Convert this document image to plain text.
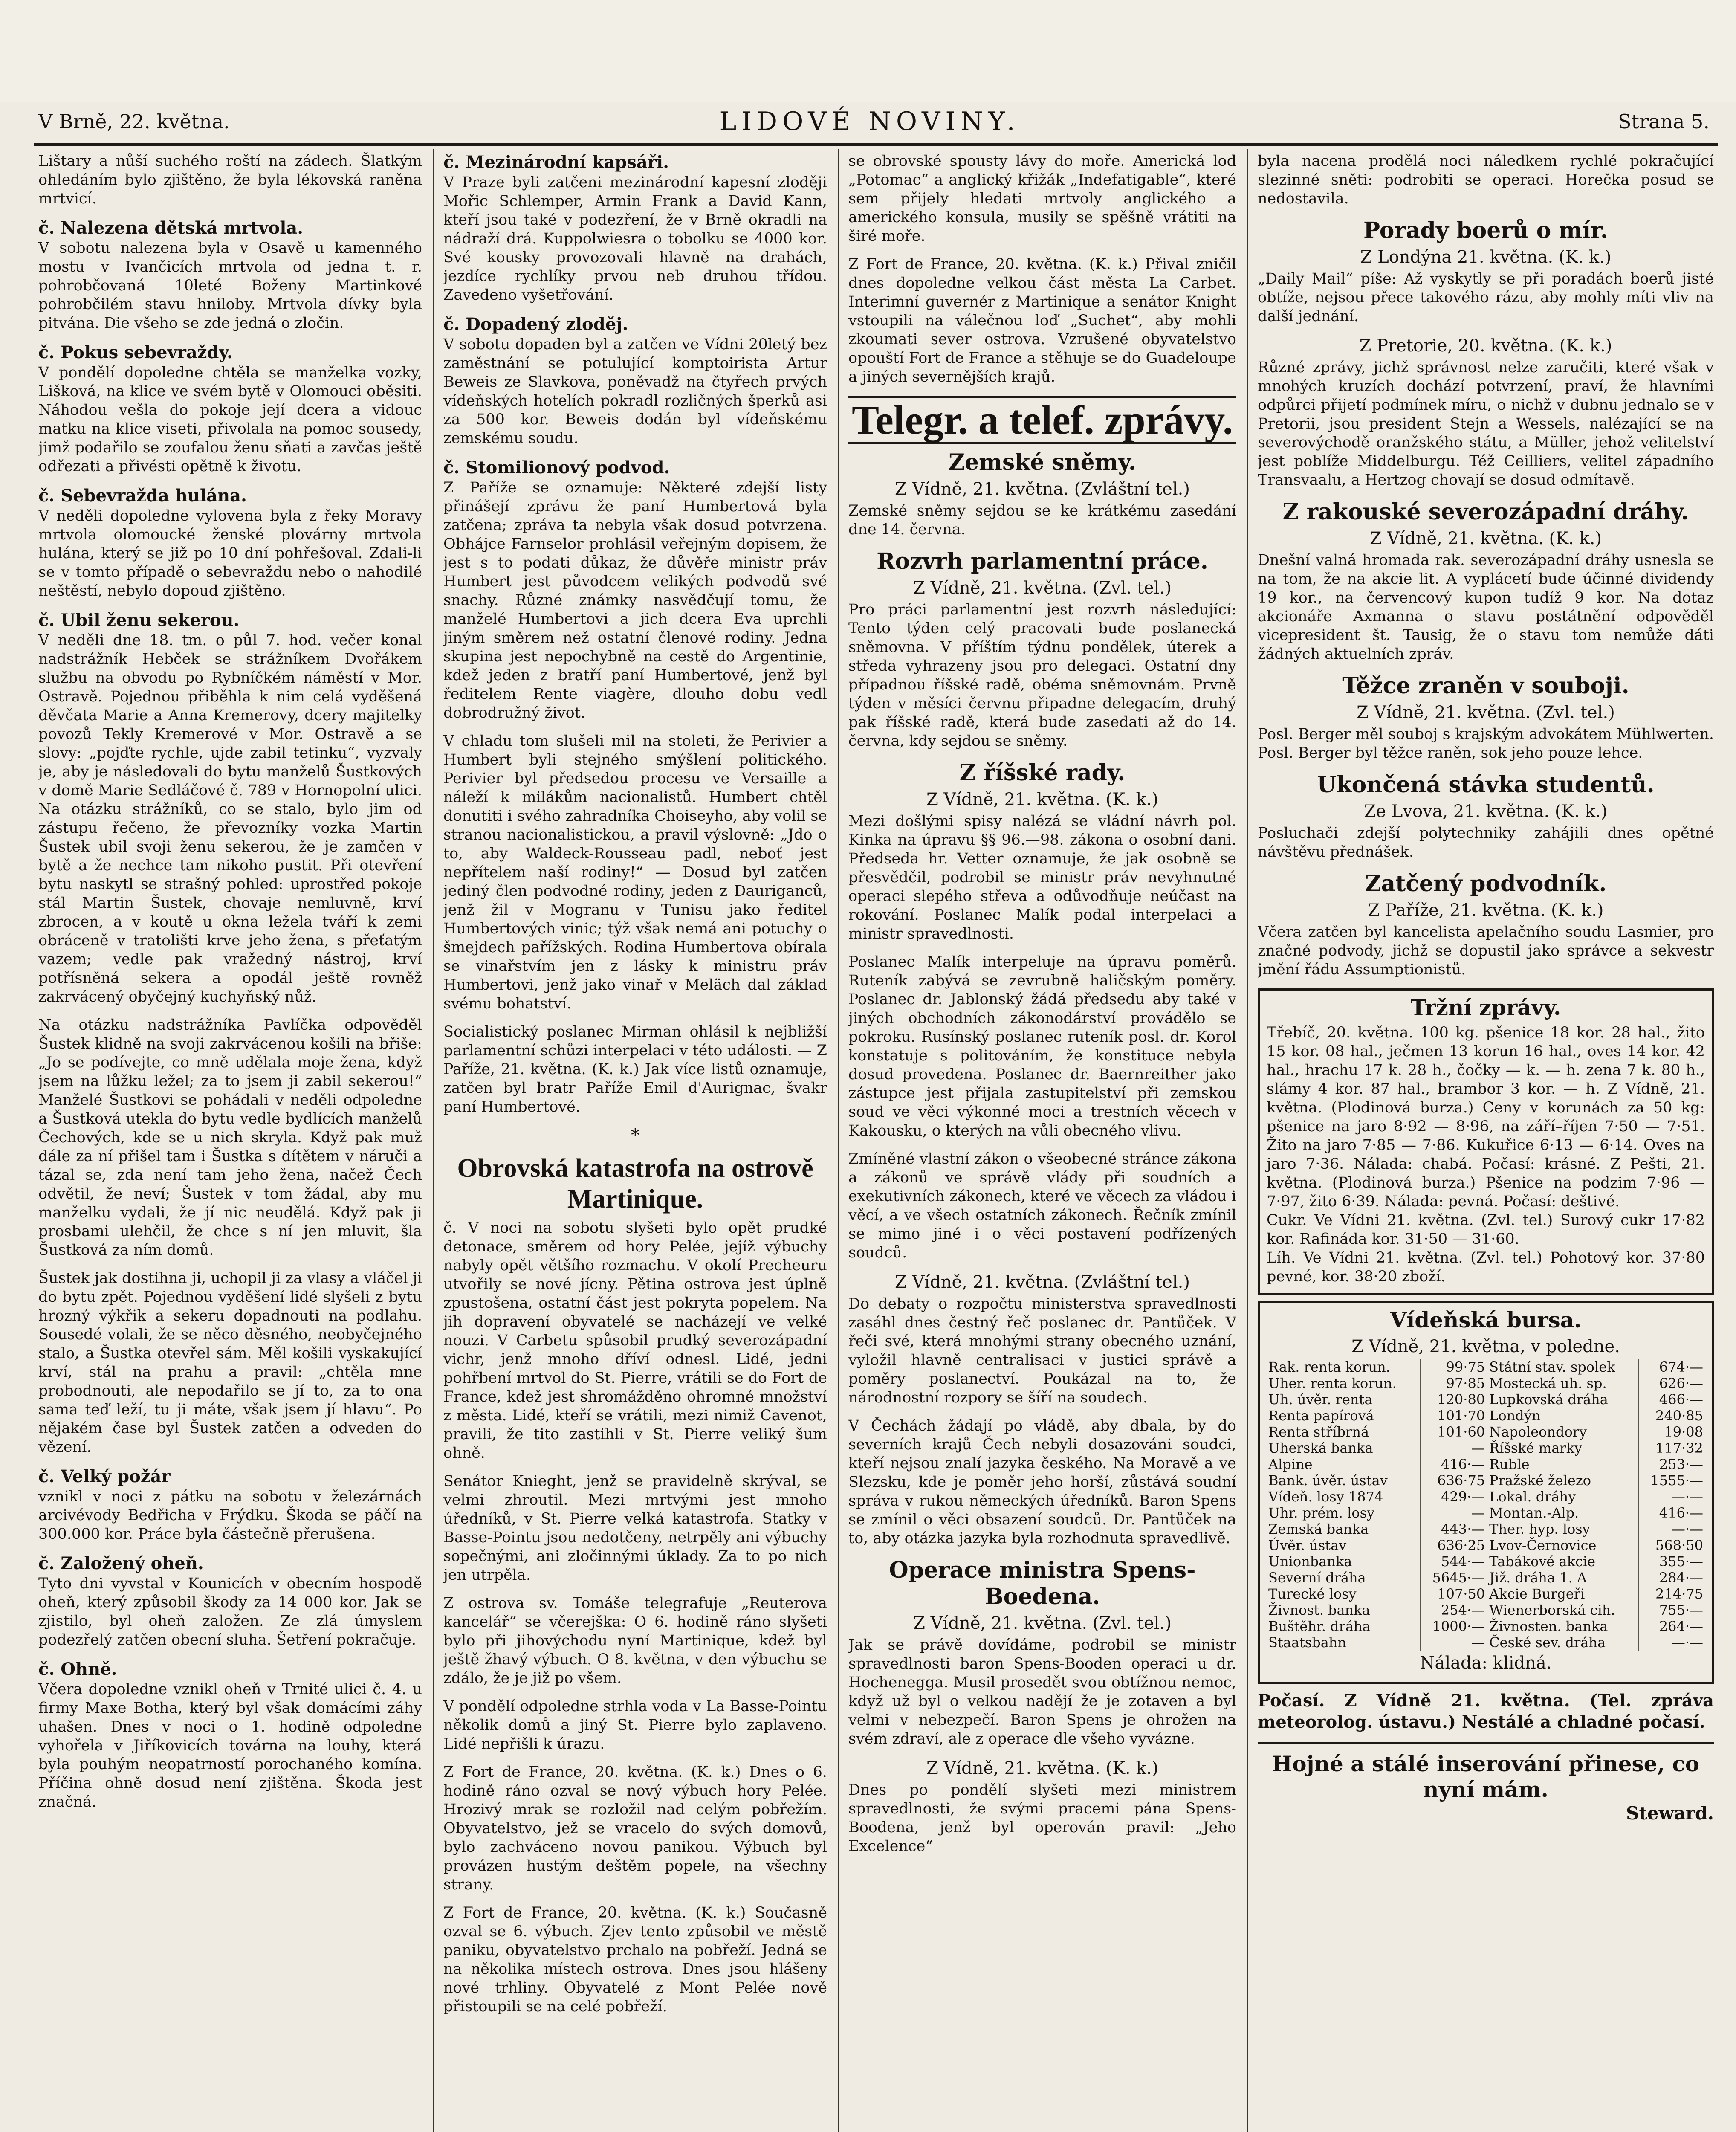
V Brně, 22. května.	LIDOVÉ NOVINY.	Strana 5.
Lištary a nůší suchého roští na zádech. Šlatkým ohledáním bylo zjištěno, že byla lékovská raněna mrtvicí.
č. Nalezena dětská mrtvola.
V sobotu nalezena byla v Osavě u kamenného mostu v Ivančicích mrtvola od jedna t. r. pohrobčovaná 10leté Boženy Martinkové pohrobčilém stavu hniloby. Mrtvola dívky byla pitvána. Die všeho se zde jedná o zločin.
č. Pokus sebevraždy.
V pondělí dopoledne chtěla se manželka vozky, Lišková, na klice ve svém bytě v Olomouci oběsiti. Náhodou vešla do pokoje její dcera a vidouc matku na klice viseti, přivolala na pomoc sousedy, jimž podařilo se zoufalou ženu sňati a zavčas ještě odřezati a přivésti opětně k životu.
č. Sebevražda hulána.
V neděli dopoledne vylovena byla z řeky Moravy mrtvola olomoucké ženské plovárny mrtvola hulána, který se již po 10 dní pohřešoval. Zdali-li se v tomto případě o sebevraždu nebo o nahodilé neštěstí, nebylo dopoud zjištěno.
č. Ubil ženu sekerou.
V neděli dne 18. tm. o půl 7. hod. večer konal nadstrážník Hebček se strážníkem Dvořákem službu na obvodu po Rybníčkém náměstí v Mor. Ostravě. Pojednou přiběhla k nim celá vyděšená děvčata Marie a Anna Kremerovy, dcery majitelky povozů Tekly Kremerové v Mor. Ostravě a se slovy: „pojďte rychle, ujde zabil tetinku“, vyzvaly je, aby je následovali do bytu manželů Šustkových v domě Marie Sedláčové č. 789 v Hornopolní ulici. Na otázku strážníků, co se stalo, bylo jim od zástupu řečeno, že převozníky vozka Martin Šustek ubil svoji ženu sekerou, že je zamčen v bytě a že nechce tam nikoho pustit. Při otevření bytu naskytl se strašný pohled: uprostřed pokoje stál Martin Šustek, chovaje nemluvně, krví zbrocen, a v koutě u okna ležela tváří k zemi obráceně v tratolišti krve jeho žena, s přeťatým vazem; vedle pak vražedný nástroj, krví potřísněná sekera a opodál ještě rovněž zakrvácený obyčejný kuchyňský nůž.
Na otázku nadstrážníka Pavlíčka odpověděl Šustek klidně na svoji zakrvácenou košili na břiše: „Jo se podívejte, co mně udělala moje žena, když jsem na lůžku ležel; za to jsem ji zabil sekerou!“ Manželé Šustkovi se pohádali v neděli odpoledne a Šustková utekla do bytu vedle bydlících manželů Čechových, kde se u nich skryla. Když pak muž dále za ní přišel tam i Šustka s dítětem v náruči a tázal se, zda není tam jeho žena, načež Čech odvětil, že neví; Šustek v tom žádal, aby mu manželku vydali, že jí nic neudělá. Když pak ji prosbami ulehčil, že chce s ní jen mluvit, šla Šustková za ním domů.
Šustek jak dostihna ji, uchopil ji za vlasy a vláčel ji do bytu zpět. Pojednou vyděšení lidé slyšeli z bytu hrozný výkřik a sekeru dopadnouti na podlahu. Sousedé volali, že se něco děsného, neobyčejného stalo, a Šustka otevřel sám. Měl košili vyskakující krví, stál na prahu a pravil: „chtěla mne probodnouti, ale nepodařilo se jí to, za to ona sama teď leží, tu ji máte, však jsem jí hlavu“. Po nějakém čase byl Šustek zatčen a odveden do vězení.
č. Velký požár
vznikl v noci z pátku na sobotu v železárnách arcivévody Bedřicha v Frýdku. Škoda se páčí na 300.000 kor. Práce byla částečně přerušena.
č. Založený oheň.
Tyto dni vyvstal v Kounicích v obecním hospodě oheň, který způsobil škody za 14 000 kor. Jak se zjistilo, byl oheň založen. Ze zlá úmyslem podezřelý zatčen obecní sluha. Šetření pokračuje.
č. Ohně.
Včera dopoledne vznikl oheň v Trnité ulici č. 4. u firmy Maxe Botha, který byl však domácími záhy uhašen. Dnes v noci o 1. hodině odpoledne vyhořela v Jiříkovicích továrna na louhy, která byla pouhým neopatrností porochaného komína. Příčina ohně dosud není zjištěna. Škoda jest značná.
č. Mezinárodní kapsáři.
V Praze byli zatčeni mezinárodní kapesní zloději Mořic Schlemper, Armin Frank a David Kann, kteří jsou také v podezření, že v Brně okradli na nádraží drá. Kuppolwiesra o tobolku se 4000 kor. Své kousky provozovali hlavně na drahách, jezdíce rychlíky prvou neb druhou třídou. Zavedeno vyšetřování.
č. Dopadený zloděj.
V sobotu dopaden byl a zatčen ve Vídni 20letý bez zaměstnání se potulující komptoirista Artur Beweis ze Slavkova, poněvadž na čtyřech prvých vídeňských hotelích pokradl rozličných šperků asi za 500 kor. Beweis dodán byl vídeňskému zemskému soudu.
č. Stomilionový podvod.
Z Paříže se oznamuje: Některé zdejší listy přinášejí zprávu že paní Humbertová byla zatčena; zpráva ta nebyla však dosud potvrzena. Obhájce Farnselor prohlásil veřejným dopisem, že jest s to podati důkaz, že důvěře ministr práv Humbert jest původcem velikých podvodů své snachy. Různé známky nasvědčují tomu, že manželé Humbertovi a jich dcera Eva uprchli jiným směrem než ostatní členové rodiny. Jedna skupina jest nepochybně na cestě do Argentinie, kdež jeden z bratří paní Humbertové, jenž byl ředitelem Rente viagère, dlouho dobu vedl dobrodružný život.
V chladu tom slušeli mil na stoleti, že Perivier a Humbert byli stejného smýšlení politického. Perivier byl předsedou procesu ve Versaille a náleží k milákům nacionalistů. Humbert chtěl donutiti i svého zahradníka Choiseyho, aby volil se stranou nacionalistickou, a pravil výslovně: „Jdo o to, aby Waldeck-Rousseau padl, neboť jest nepřítelem naší rodiny!“ — Dosud byl zatčen jediný člen podvodné rodiny, jeden z Dauriganců, jenž žil v Mogranu v Tunisu jako ředitel Humbertových vinic; týž však nemá ani potuchy o šmejdech pařížských. Rodina Humbertova obírala se vinařstvím jen z lásky k ministru práv Humbertovi, jenž jako vinař v Meläch dal základ svému bohatství.
Socialistický poslanec Mirman ohlásil k nejbližší parlamentní schůzi interpelaci v této události. — Z Paříže, 21. května. (K. k.) Jak více listů oznamuje, zatčen byl bratr Paříže Emil d'Aurignac, švakr paní Humbertové.
*
Obrovská katastrofa na ostrově Martinique.
č. V noci na sobotu slyšeti bylo opět prudké detonace, směrem od hory Pelée, jejíž výbuchy nabyly opět většího rozmachu. V okolí Precheuru utvořily se nové jícny. Pětina ostrova jest úplně zpustošena, ostatní část jest pokryta popelem. Na jih dopravení obyvatelé se nacházejí ve velké nouzi. V Carbetu spůsobil prudký severozápadní vichr, jenž mnoho dříví odnesl. Lidé, jedni pohřbení mrtvol do St. Pierre, vrátili se do Fort de France, kdež jest shromážděno ohromné množství z města. Lidé, kteří se vrátili, mezi nimiž Cavenot, pravili, že tito zastihli v St. Pierre veliký šum ohně.
Senátor Knieght, jenž se pravidelně skrýval, se velmi zhroutil. Mezi mrtvými jest mnoho úředníků, v St. Pierre velká katastrofa. Statky v Basse-Pointu jsou nedotčeny, netrpěly ani výbuchy sopečnými, ani zločinnými úklady. Za to po nich jen utrpěla.
Z ostrova sv. Tomáše telegrafuje „Reuterova kancelář“ se včerejška: O 6. hodině ráno slyšeti bylo při jihovýchodu nyní Martinique, kdež byl ještě žhavý výbuch. O 8. května, v den výbuchu se zdálo, že je již po všem.
V pondělí odpoledne strhla voda v La Basse-Pointu několik domů a jiný St. Pierre bylo zaplaveno. Lidé nepřišli k úrazu.
Z Fort de France, 20. května. (K. k.) Dnes o 6. hodině ráno ozval se nový výbuch hory Pelée. Hrozivý mrak se rozložil nad celým pobřežím. Obyvatelstvo, jež se vracelo do svých domovů, bylo zachváceno novou panikou. Výbuch byl provázen hustým deštěm popele, na všechny strany.
Z Fort de France, 20. května. (K. k.) Současně ozval se 6. výbuch. Zjev tento způsobil ve městě paniku, obyvatelstvo prchalo na pobřeží. Jedná se na několika místech ostrova. Dnes jsou hlášeny nové trhliny. Obyvatelé z Mont Pelée nově přistoupili se na celé pobřeží.
se obrovské spousty lávy do moře. Americká loď „Potomac“ a anglický křižák „Indefatigable“, které sem přijely hledati mrtvoly anglického a amerického konsula, musily se spěšně vrátiti na širé moře.
Z Fort de France, 20. května. (K. k.) Přival zničil dnes dopoledne velkou část města La Carbet. Interimní guvernér z Martinique a senátor Knight vstoupili na válečnou loď „Suchet“, aby mohli zkoumati sever ostrova. Vzrušené obyvatelstvo opouští Fort de France a stěhuje se do Guadeloupe a jiných severnějších krajů.
Telegr. a telef. zprávy.
Zemské sněmy.
Z Vídně, 21. května. (Zvláštní tel.)
Zemské sněmy sejdou se ke krátkému zasedání dne 14. června.
Rozvrh parlamentní práce.
Z Vídně, 21. května. (Zvl. tel.)
Pro práci parlamentní jest rozvrh následující: Tento týden celý pracovati bude poslanecká sněmovna. V příštím týdnu pondělek, úterek a středa vyhrazeny jsou pro delegaci. Ostatní dny případnou říšské radě, obéma sněmovnám. Prvně týden v měsíci červnu připadne delegacím, druhý pak říšské radě, která bude zasedati až do 14. června, kdy sejdou se sněmy.
Z říšské rady.
Z Vídně, 21. května. (K. k.)
Mezi došlými spisy nalézá se vládní návrh pol. Kinka na úpravu §§ 96.—98. zákona o osobní dani. Předseda hr. Vetter oznamuje, že jak osobně se přesvědčil, podrobil se ministr práv nevyhnutné operaci slepého střeva a odůvodňuje neúčast na rokování. Poslanec Malík podal interpelaci a ministr spravedlnosti.
Poslanec Malík interpeluje na úpravu poměrů. Ruteník zabývá se zevrubně haličským poměry. Poslanec dr. Jablonský žádá předsedu aby také v jiných obchodních zákonodárství provádělo se pokroku. Rusínský poslanec ruteník posl. dr. Korol konstatuje s politováním, že konstituce nebyla dosud provedena. Poslanec dr. Baernreither jako zástupce jest přijala zastupitelství při zemskou soud ve věci výkonné moci a trestních věcech v Kakousku, o kterých na vůli obecného vlivu.
Zmíněné vlastní zákon o všeobecné stránce zákona a zákonů ve správě vlády při soudních a exekutivních zákonech, které ve věcech za vládou i věcí, a ve všech ostatních zákonech. Řečník zmínil se mimo jiné i o věci postavení podřízených soudců.
Z Vídně, 21. května. (Zvláštní tel.)
Do debaty o rozpočtu ministerstva spravedlnosti zasáhl dnes čestný řeč poslanec dr. Pantůček. V řeči své, která mnohými strany obecného uznání, vyložil hlavně centralisaci v justici správě a poměry poslanectví. Poukázal na to, že národnostní rozpory se šíří na soudech.
V Čechách žádají po vládě, aby dbala, by do severních krajů Čech nebyli dosazováni soudci, kteří nejsou znalí jazyka českého. Na Moravě a ve Slezsku, kde je poměr jeho horší, zůstává soudní správa v rukou německých úředníků. Baron Spens se zmínil o věci obsazení soudců. Dr. Pantůček na to, aby otázka jazyka byla rozhodnuta spravedlivě.
Operace ministra Spens-Boedena.
Z Vídně, 21. května. (Zvl. tel.)
Jak se právě dovídáme, podrobil se ministr spravedlnosti baron Spens-Booden operaci u dr. Hochenegga. Musil prosedět svou obtížnou nemoc, když už byl o velkou nadějí že je zotaven a byl velmi v nebezpečí. Baron Spens je ohrožen na svém zdraví, ale z operace dle všeho vyvázne.
Z Vídně, 21. května. (K. k.)
Dnes po pondělí slyšeti mezi ministrem spravedlnosti, že svými pracemi pána Spens-Boodena, jenž byl operován pravil: „Jeho Excelence“
byla nacena prodělá noci náledkem rychlé pokračující slezinné sněti: podrobiti se operaci. Horečka posud se nedostavila.
Porady boerů o mír.
Z Londýna 21. května. (K. k.)
„Daily Mail“ píše: Až vyskytly se při poradách boerů jisté obtíže, nejsou přece takového rázu, aby mohly míti vliv na další jednání.
Z Pretorie, 20. května. (K. k.)
Různé zprávy, jichž správnost nelze zaručiti, které však v mnohých kruzích dochází potvrzení, praví, že hlavními odpůrci přijetí podmínek míru, o nichž v dubnu jednalo se v Pretorii, jsou president Stejn a Wessels, nalézající se na severovýchodě oranžského státu, a Müller, jehož velitelství jest poblíže Middelburgu. Též Ceilliers, velitel západního Transvaalu, a Hertzog chovají se dosud odmítavě.
Z rakouské severozápadní dráhy.
Z Vídně, 21. května. (K. k.)
Dnešní valná hromada rak. severozápadní dráhy usnesla se na tom, že na akcie lit. A vyplácetí bude účinné dividendy 19 kor., na červencový kupon tudíž 9 kor. Na dotaz akcionáře Axmanna o stavu postátnění odpověděl vicepresident št. Tausig, že o stavu tom nemůže dáti žádných aktuelních zpráv.
Těžce zraněn v souboji.
Z Vídně, 21. května. (Zvl. tel.)
Posl. Berger měl souboj s krajským advokátem Mühlwerten. Posl. Berger byl těžce raněn, sok jeho pouze lehce.
Ukončená stávka studentů.
Ze Lvova, 21. května. (K. k.)
Posluchači zdejší polytechniky zahájili dnes opětné návštěvu přednášek.
Zatčený podvodník.
Z Paříže, 21. května. (K. k.)
Včera zatčen byl kancelista apelačního soudu Lasmier, pro značné podvody, jichž se dopustil jako správce a sekvestr jmění řádu Assumptionistů.
Tržní zprávy.
Třebíč, 20. května. 100 kg. pšenice 18 kor. 28 hal., žito 15 kor. 08 hal., ječmen 13 korun 16 hal., oves 14 kor. 42 hal., hrachu 17 k. 28 h., čočky — k. — h. zena 7 k. 80 h., slámy 4 kor. 87 hal., brambor 3 kor. — h. Z Vídně, 21. května. (Plodinová burza.) Ceny v korunách za 50 kg: pšenice na jaro 8·92 — 8·96, na září–říjen 7·50 — 7·51. Žito na jaro 7·85 — 7·86. Kukuřice 6·13 — 6·14. Oves na jaro 7·36. Nálada: chabá. Počasí: krásné. Z Pešti, 21. května. (Plodinová burza.) Pšenice na podzim 7·96 — 7·97, žito 6·39. Nálada: pevná. Počasí: deštivé.
Cukr. Ve Vídni 21. května. (Zvl. tel.) Surový cukr 17·82 kor. Rafináda kor. 31·50 — 31·60.
Líh. Ve Vídni 21. května. (Zvl. tel.) Pohotový kor. 37·80 pevné, kor. 38·20 zboží.
Vídeňská bursa.
Z Vídně, 21. května, v poledne.
Rak. renta korun.	99·75	Státní stav. spolek	674·—
Uher. renta korun.	97·85	Mostecká uh. sp.	626·—
Uh. úvěr. renta	120·80	Lupkovská dráha	466·—
Renta papírová	101·70	Londýn	240·85
Renta stříbrná	101·60	Napoleondory	19·08
Uherská banka	—	Říšské marky	117·32
Alpine	416·—	Ruble	253·—
Bank. úvěr. ústav	636·75	Pražské železo	1555·—
Vídeň. losy 1874	429·—	Lokal. dráhy	—·—
Uhr. prém. losy	—	Montan.-Alp.	416·—
Zemská banka	443·—	Ther. hyp. losy	—·—
Úvěr. ústav	636·25	Lvov-Černovice	568·50
Unionbanka	544·—	Tabákové akcie	355·—
Severní dráha	5645·—	Již. dráha 1. A	284·—
Turecké losy	107·50	Akcie Burgeři	214·75
Živnost. banka	254·—	Wienerborská cih.	755·—
Buštěhr. dráha	1000·—	Živnosten. banka	264·—
Staatsbahn	—	České sev. dráha	—·—
Nálada: klidná.
Počasí. Z Vídně 21. května. (Tel. zpráva meteorolog. ústavu.) Nestálé a chladné počasí.
Hojné a stálé inserování přinese, co nyní mám.
Steward.
